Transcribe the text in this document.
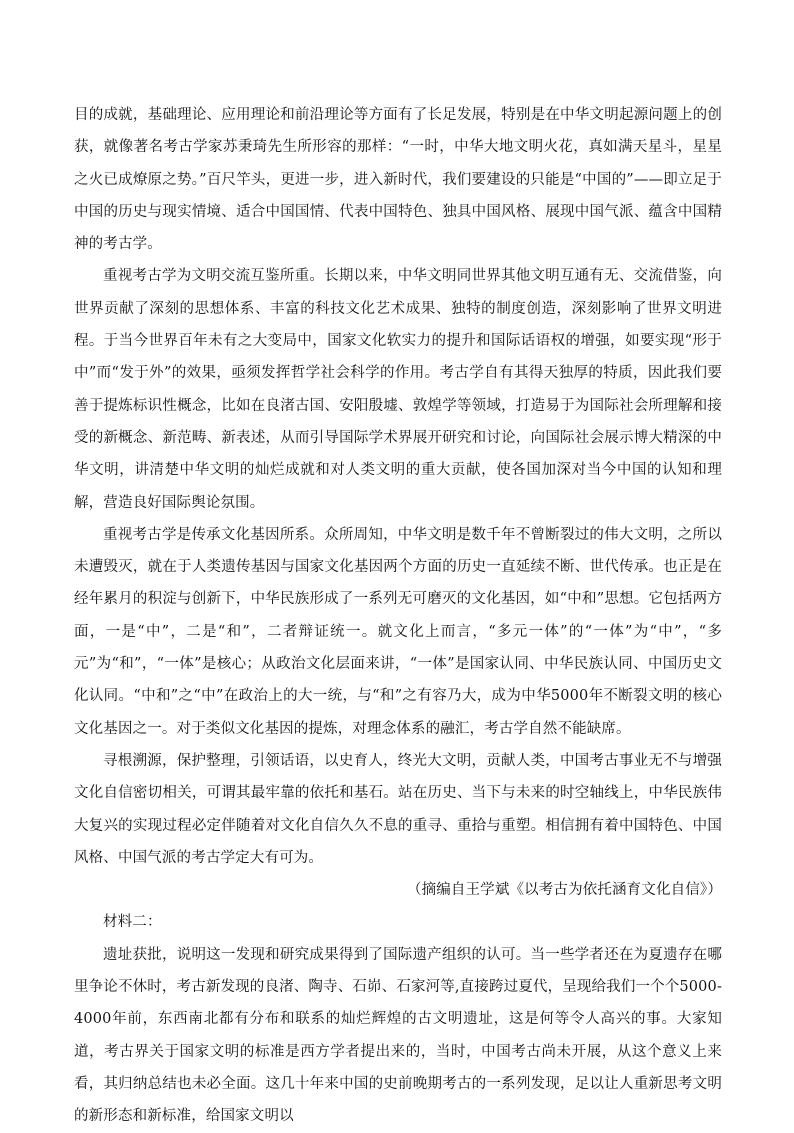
目的成就，基础理论、应用理论和前沿理论等方面有了长足发展，特别是在中华文明起源问题上的创获，就像著名考古学家苏秉琦先生所形容的那样：“一时，中华大地文明火花，真如满天星斗，星星之火已成燎原之势。”百尺竿头，更进一步，进入新时代，我们要建设的只能是“中国的”——即立足于中国的历史与现实情境、适合中国国情、代表中国特色、独具中国风格、展现中国气派、蕴含中国精神的考古学。

重视考古学为文明交流互鉴所重。长期以来，中华文明同世界其他文明互通有无、交流借鉴，向 世界贡献了深刻的思想体系、丰富的科技文化艺术成果、独特的制度创造，深刻影响了世界文明进程。于当今世界百年未有之大变局中，国家文化软实力的提升和国际话语权的增强，如要实现“形于中”而“发于外”的效果，亟须发挥哲学社会科学的作用。考古学自有其得天独厚的特质，因此我们要善于提炼标识性概念，比如在良渚古国、安阳殷墟、敦煌学等领域，打造易于为国际社会所理解和接受的新概念、新范畴、新表述，从而引导国际学术界展开研究和讨论，向国际社会展示博大精深的中华文明，讲清楚中华文明的灿烂成就和对人类文明的重大贡献，使各国加深对当今中国的认知和理解，营造良好国际舆论氛围。

重视考古学是传承文化基因所系。众所周知，中华文明是数千年不曾断裂过的伟大文明，之所以未遭毁灭，就在于人类遗传基因与国家文化基因两个方面的历史一直延续不断、世代传承。也正是在经年累月的积淀与创新下，中华民族形成了一系列无可磨灭的文化基因，如“中和”思想。它包括两方面，一是“中”，二是“和”，二者辩证统一。就文化上而言，“多元一体”的“一体”为“中”，“多元”为“和”，“一体”是核心；从政治文化层面来讲，“一体”是国家认同、中华民族认同、中国历史文化认同。“中和”之“中”在政治上的大一统，与“和”之有容乃大，成为中华5000年不断裂文明的核心文化基因之一。对于类似文化基因的提炼，对理念体系的融汇，考古学自然不能缺席。

寻根溯源，保护整理，引领话语，以史育人，终光大文明，贡献人类，中国考古事业无不与增强文化自信密切相关，可谓其最牢靠的依托和基石。站在历史、当下与未来的时空轴线上，中华民族伟大复兴的实现过程必定伴随着对文化自信久久不息的重寻、重拾与重塑。相信拥有着中国特色、中国风格、中国气派的考古学定大有可为。

（摘编自王学斌《以考古为依托涵育文化自信》）

材料二：

遗址获批，说明这一发现和研究成果得到了国际遗产组织的认可。当一些学者还在为夏遗存在哪里争论不休时，考古新发现的良渚、陶寺、石峁、石家河等,直接跨过夏代，呈现给我们一个个5000-4000年前，东西南北都有分布和联系的灿烂辉煌的古文明遗址，这是何等令人高兴的事。大家知道，考古界关于国家文明的标准是西方学者提出来的，当时，中国考古尚未开展，从这个意义上来看，其归纳总结也未必全面。这几十年来中国的史前晚期考古的一系列发现，足以让人重新思考文明的新形态和新标准，给国家文明以
